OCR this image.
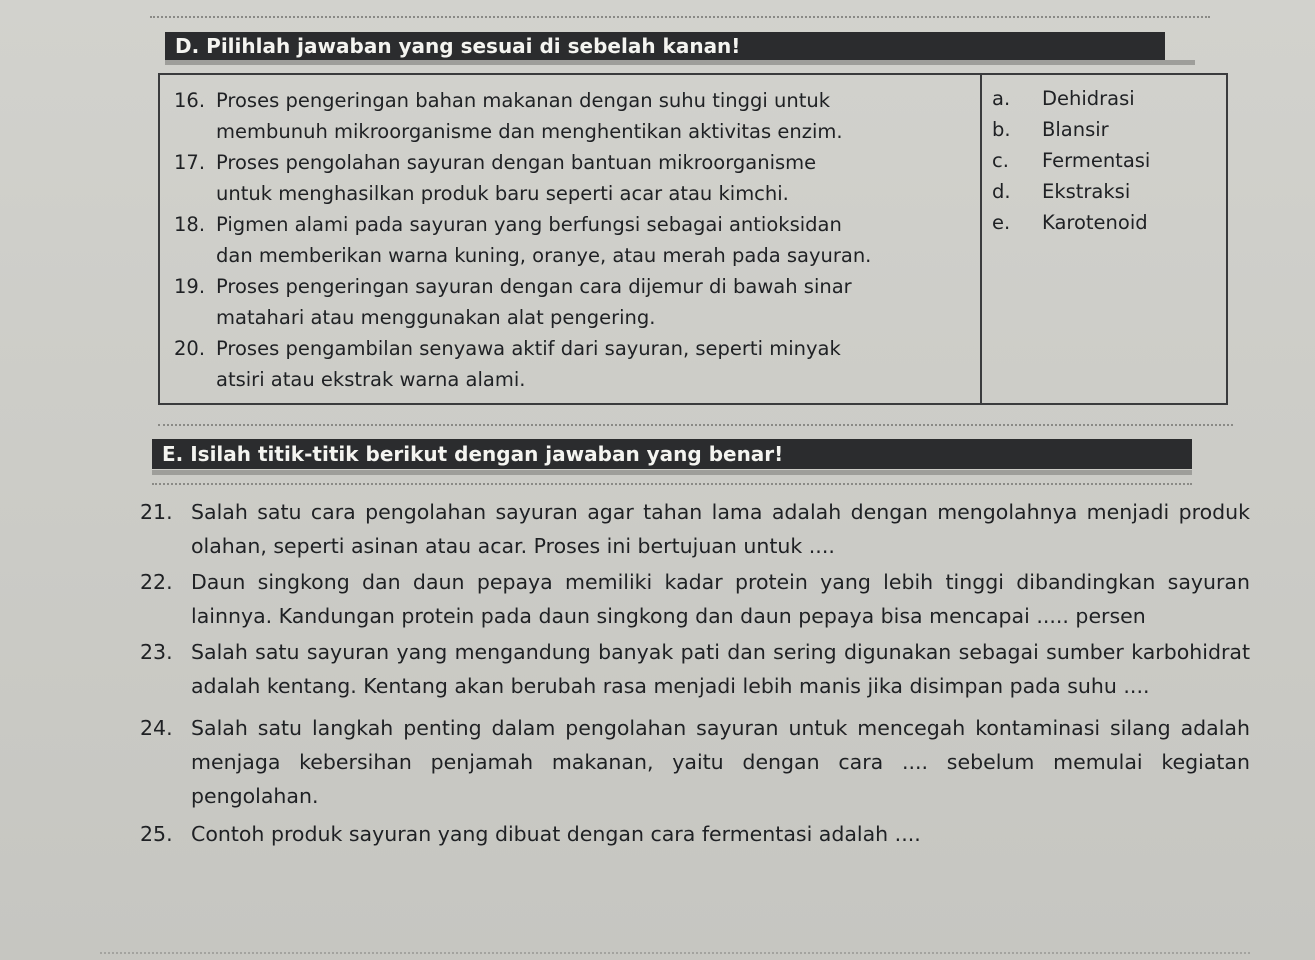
D. Pilihlah jawaban yang sesuai di sebelah kanan!
16. Proses pengeringan bahan makanan dengan suhu tinggi untuk
membunuh mikroorganisme dan menghentikan aktivitas enzim.
17. Proses pengolahan sayuran dengan bantuan mikroorganisme
untuk menghasilkan produk baru seperti acar atau kimchi.
18. Pigmen alami pada sayuran yang berfungsi sebagai antioksidan
dan memberikan warna kuning, oranye, atau merah pada sayuran.
19. Proses pengeringan sayuran dengan cara dijemur di bawah sinar
matahari atau menggunakan alat pengering.
20. Proses pengambilan senyawa aktif dari sayuran, seperti minyak
atsiri atau ekstrak warna alami.

a. Dehidrasi
b. Blansir
c. Fermentasi
d. Ekstraksi
e. Karotenoid
E. Isilah titik-titik berikut dengan jawaban yang benar!
21. Salah satu cara pengolahan sayuran agar tahan lama adalah dengan mengolahnya menjadi produk olahan, seperti asinan atau acar. Proses ini bertujuan untuk ....
22. Daun singkong dan daun pepaya memiliki kadar protein yang lebih tinggi dibandingkan sayuran lainnya. Kandungan protein pada daun singkong dan daun pepaya bisa mencapai ..... persen
23. Salah satu sayuran yang mengandung banyak pati dan sering digunakan sebagai sumber karbohidrat adalah kentang. Kentang akan berubah rasa menjadi lebih manis jika disimpan pada suhu ....
24. Salah satu langkah penting dalam pengolahan sayuran untuk mencegah kontaminasi silang adalah menjaga kebersihan penjamah makanan, yaitu dengan cara .... sebelum memulai kegiatan pengolahan.
25. Contoh produk sayuran yang dibuat dengan cara fermentasi adalah ....
